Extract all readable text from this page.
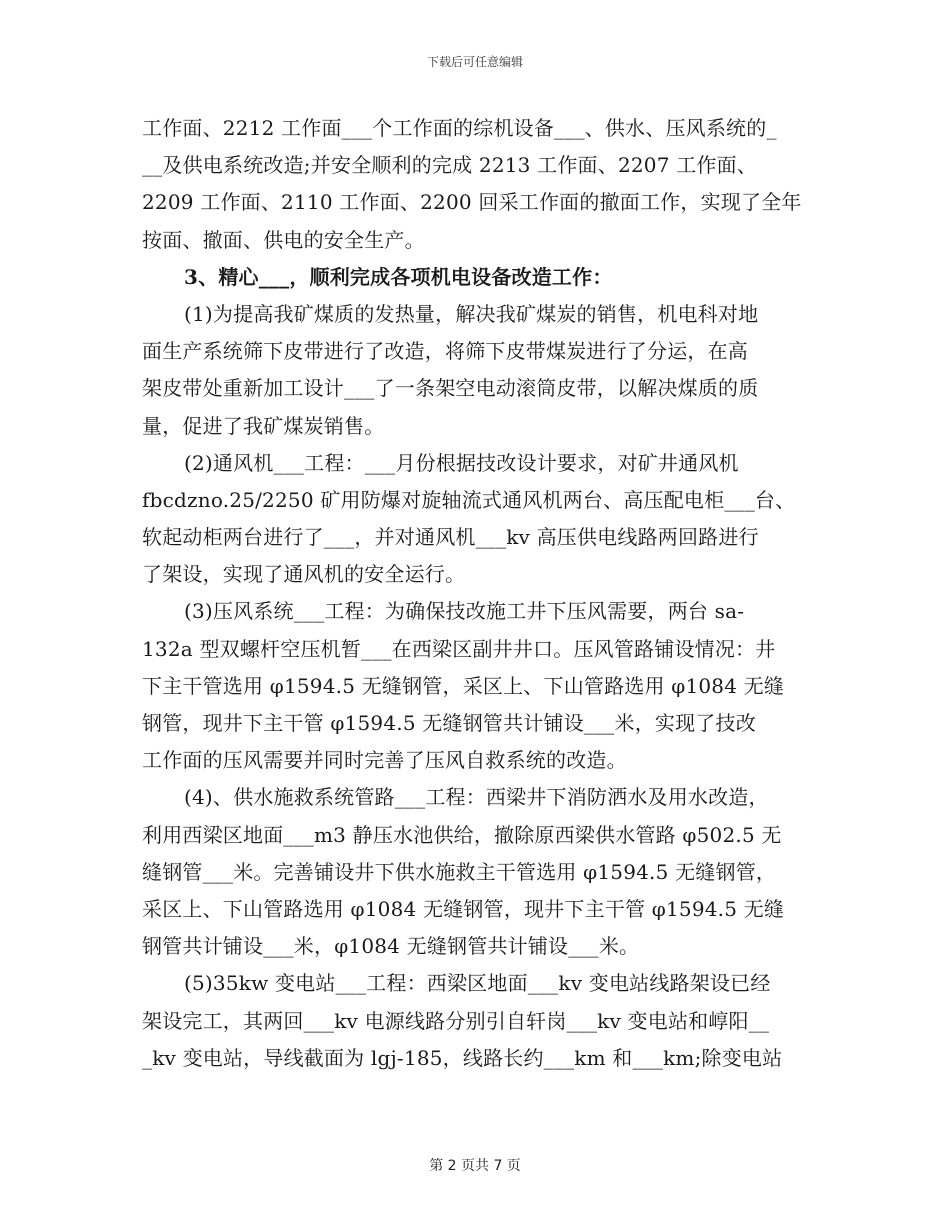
下载后可任意编辑
工作面、2212 工作面___个工作面的综机设备___、供水、压风系统的_
__及供电系统改造;并安全顺利的完成 2213 工作面、2207 工作面、
2209 工作面、2110 工作面、2200 回采工作面的撤面工作，实现了全年
按面、撤面、供电的安全生产。
3、精心___，顺利完成各项机电设备改造工作：
(1)为提高我矿煤质的发热量，解决我矿煤炭的销售，机电科对地
面生产系统筛下皮带进行了改造，将筛下皮带煤炭进行了分运，在高
架皮带处重新加工设计___了一条架空电动滚筒皮带，以解决煤质的质
量，促进了我矿煤炭销售。
(2)通风机___工程：___月份根据技改设计要求，对矿井通风机
fbcdzno.25/2250 矿用防爆对旋轴流式通风机两台、高压配电柜___台、
软起动柜两台进行了___，并对通风机___kv 高压供电线路两回路进行
了架设，实现了通风机的安全运行。
(3)压风系统___工程：为确保技改施工井下压风需要，两台 sa-
132a 型双螺杆空压机暂___在西梁区副井井口。压风管路铺设情况：井
下主干管选用 φ1594.5 无缝钢管，采区上、下山管路选用 φ1084 无缝
钢管，现井下主干管 φ1594.5 无缝钢管共计铺设___米，实现了技改
工作面的压风需要并同时完善了压风自救系统的改造。
(4)、供水施救系统管路___工程：西梁井下消防洒水及用水改造，
利用西梁区地面___m3 静压水池供给，撤除原西梁供水管路 φ502.5 无
缝钢管___米。完善铺设井下供水施救主干管选用 φ1594.5 无缝钢管，
采区上、下山管路选用 φ1084 无缝钢管，现井下主干管 φ1594.5 无缝
钢管共计铺设___米，φ1084 无缝钢管共计铺设___米。
(5)35kw 变电站___工程：西梁区地面___kv 变电站线路架设已经
架设完工，其两回___kv 电源线路分别引自轩岗___kv 变电站和崞阳__
_kv 变电站，导线截面为 lgj-185，线路长约___km 和___km;除变电站
第 2 页共 7 页
